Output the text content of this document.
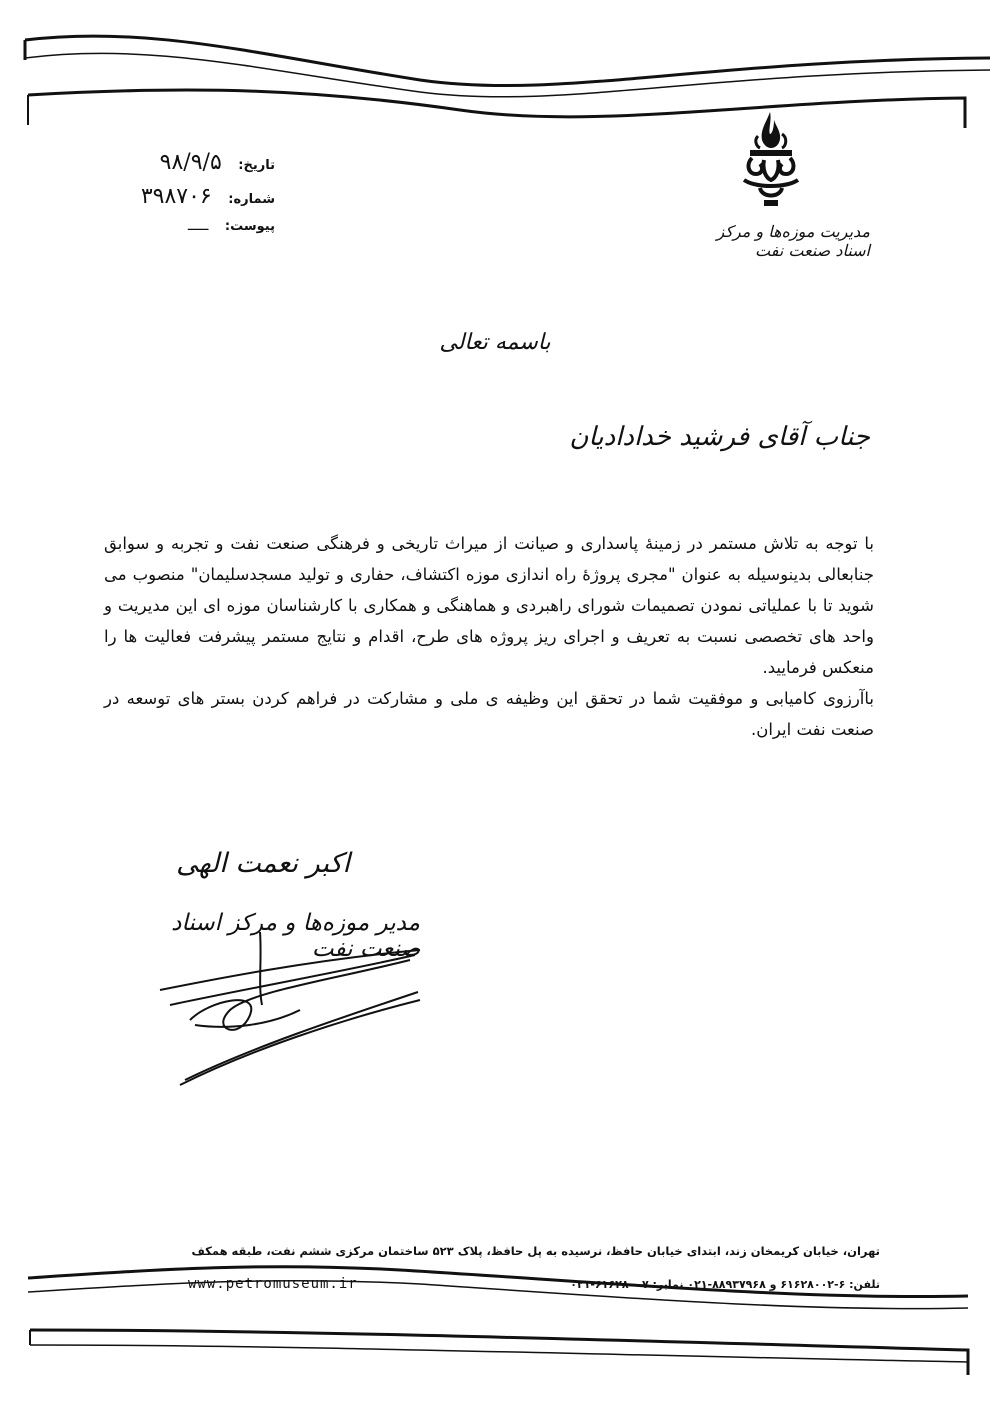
مدیریت موزه‌ها و مرکز اسناد صنعت نفت
تاریخ: ۹۸/۹/۵
شماره: ۳۹۸۷۰۶
پیوست: ـــــ
باسمه تعالی
جناب آقای فرشید خدادادیان

با توجه به تلاش مستمر در زمینهٔ پاسداری و صیانت از میراث تاریخی و فرهنگی صنعت نفت و تجربه و سوابق جنابعالی بدینوسیله به عنوان "مجری پروژهٔ راه اندازی موزه اکتشاف، حفاری و تولید مسجدسلیمان" منصوب می شوید تا با عملیاتی نمودن تصمیمات شورای راهبردی و هماهنگی و همکاری با کارشناسان موزه ای این مدیریت و واحد های تخصصی نسبت به تعریف و اجرای ریز پروژه های طرح، اقدام و نتایج مستمر پیشرفت فعالیت ها را منعکس فرمایید.

باآرزوی کامیابی و موفقیت شما در تحقق این وظیفه ی ملی و مشارکت در فراهم کردن بستر های توسعه در صنعت نفت ایران.

اکبر نعمت الهی
مدیر موزه‌ها و مرکز اسناد صنعت نفت
تهران، خیابان کریمخان زند، ابتدای خیابان حافظ، نرسیده به پل حافظ، پلاک ۵۲۳ ساختمان مرکزی ششم نفت، طبقه همکف
www.petromuseum.ir	تلفن: ۶-۶۱۶۲۸۰۰۲ و ۸۸۹۳۷۹۶۸-۰۲۱ نمابر: ۶۱۶۲۸۰۰۷-۰۲۱
